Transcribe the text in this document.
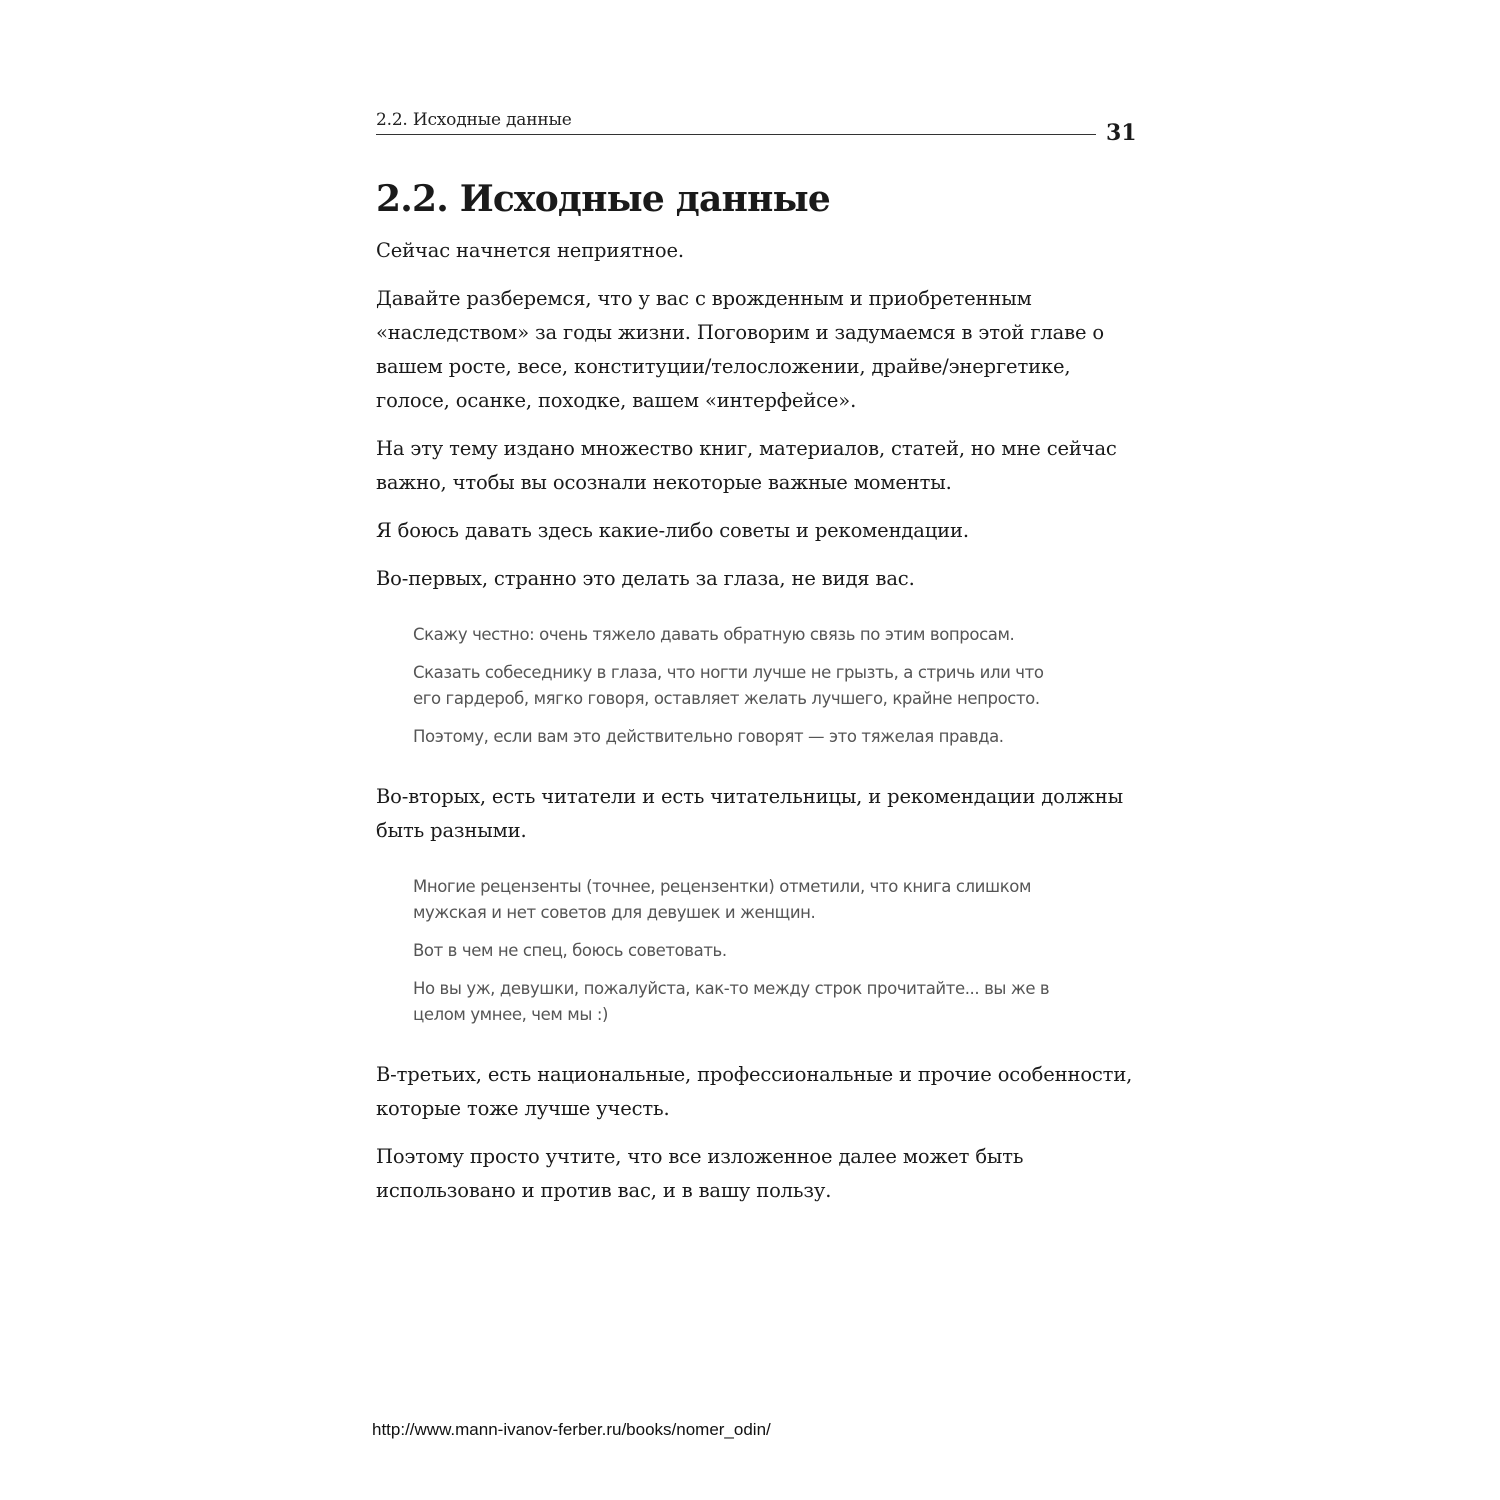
2.2. Исходные данные	31
2.2. Исходные данные

Сейчас начнется неприятное.

Давайте разберемся, что у вас с врожденным и приобретенным «наследством» за годы жизни. Поговорим и задумаемся в этой главе о вашем росте, весе, конституции/телосложении, драйве/энергетике, голосе, осанке, походке, вашем «интерфейсе».

На эту тему издано множество книг, материалов, статей, но мне сейчас важно, чтобы вы осознали некоторые важные моменты.

Я боюсь давать здесь какие-либо советы и рекомендации.

Во-первых, странно это делать за глаза, не видя вас.

Скажу честно: очень тяжело давать обратную связь по этим вопросам.

Сказать собеседнику в глаза, что ногти лучше не грызть, а стричь или что его гардероб, мягко говоря, оставляет желать лучшего, крайне непросто.

Поэтому, если вам это действительно говорят — это тяжелая правда.

Во-вторых, есть читатели и есть читательницы, и рекомендации должны быть разными.

Многие рецензенты (точнее, рецензентки) отметили, что книга слишком мужская и нет советов для девушек и женщин.

Вот в чем не спец, боюсь советовать.

Но вы уж, девушки, пожалуйста, как-то между строк прочитайте... вы же в целом умнее, чем мы :)

В-третьих, есть национальные, профессиональные и прочие особенности, которые тоже лучше учесть.

Поэтому просто учтите, что все изложенное далее может быть использовано и против вас, и в вашу пользу.

http://www.mann-ivanov-ferber.ru/books/nomer_odin/
